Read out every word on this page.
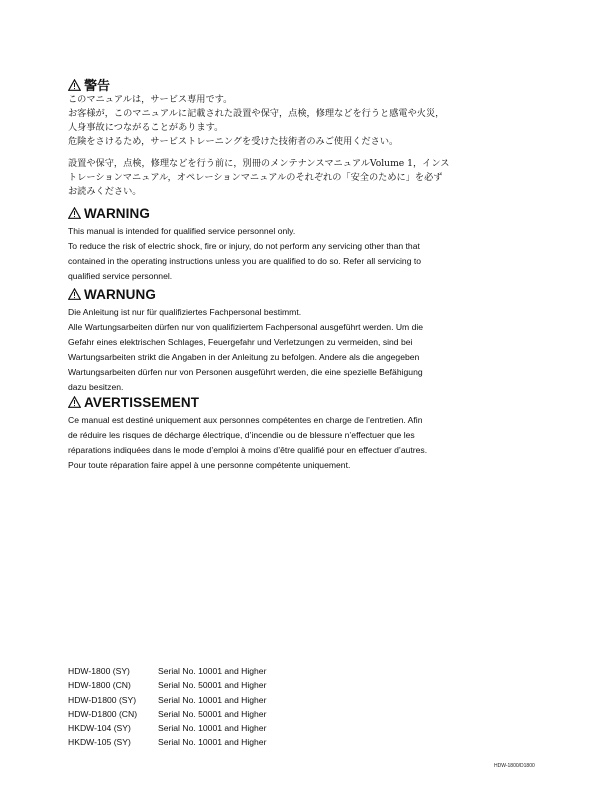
警告
このマニュアルは，サービス専用です。
お客様が，このマニュアルに記載された設置や保守，点検，修理などを行うと感電や火災，
人身事故につながることがあります。
危険をさけるため，サービストレーニングを受けた技術者のみご使用ください。
設置や保守，点検，修理などを行う前に，別冊のメンテナンスマニュアルVolume 1，インス
トレーションマニュアル，オペレーションマニュアルのそれぞれの「安全のために」を必ず
お読みください。
WARNING

This manual is intended for qualified service personnel only.

To reduce the risk of electric shock, fire or injury, do not perform any servicing other than that

contained in the operating instructions unless you are qualified to do so. Refer all servicing to

qualified service personnel.

WARNUNG

Die Anleitung ist nur für qualifiziertes Fachpersonal bestimmt.

Alle Wartungsarbeiten dürfen nur von qualifiziertem Fachpersonal ausgeführt werden. Um die

Gefahr eines elektrischen Schlages, Feuergefahr und Verletzungen zu vermeiden, sind bei

Wartungsarbeiten strikt die Angaben in der Anleitung zu befolgen. Andere als die angegeben

Wartungsarbeiten dürfen nur von Personen ausgeführt werden, die eine spezielle Befähigung

dazu besitzen.

AVERTISSEMENT

Ce manual est destiné uniquement aux personnes compétentes en charge de l’entretien. Afin

de réduire les risques de décharge électrique, d’incendie ou de blessure n’effectuer que les

réparations indiquées dans le mode d’emploi à moins d’être qualifié pour en effectuer d’autres.

Pour toute réparation faire appel à une personne compétente uniquement.

HDW-1800 (SY)	Serial No. 10001 and Higher
HDW-1800 (CN)	Serial No. 50001 and Higher
HDW-D1800 (SY)	Serial No. 10001 and Higher
HDW-D1800 (CN)	Serial No. 50001 and Higher
HKDW-104 (SY)	Serial No. 10001 and Higher
HKDW-105 (SY)	Serial No. 10001 and Higher
HDW-1800/D1800
